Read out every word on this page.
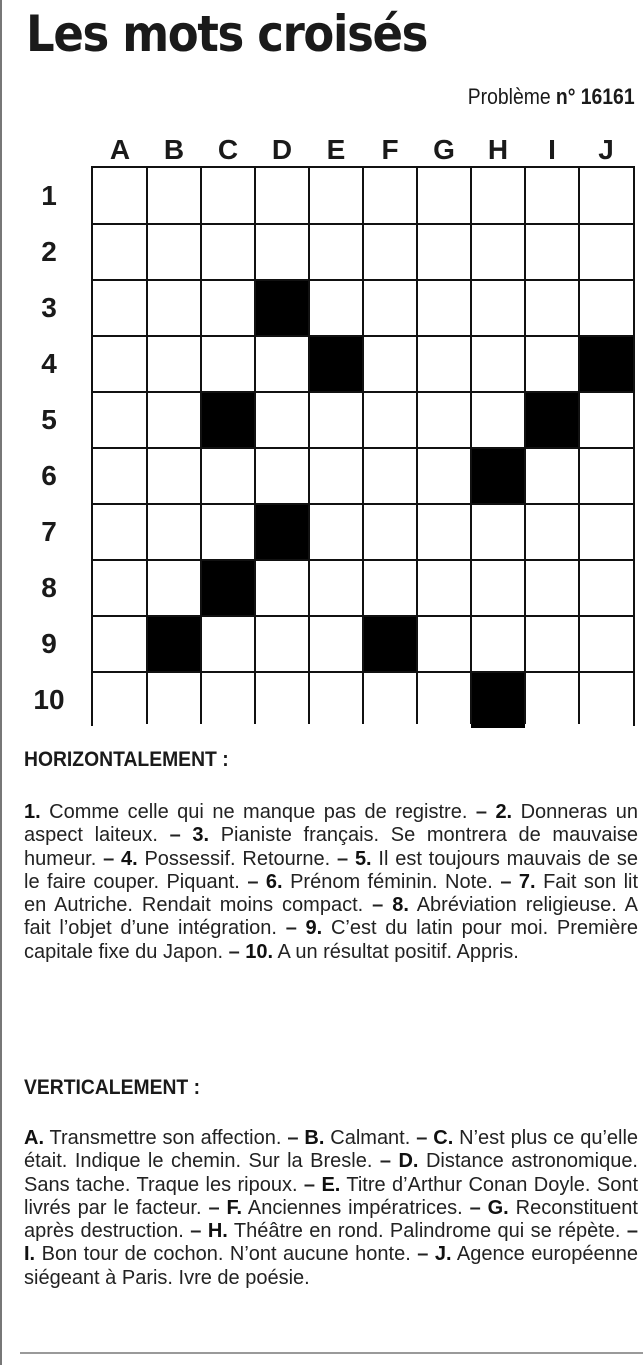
Les mots croisés
Problème n° 16161
HORIZONTALEMENT :
1. Comme celle qui ne manque pas de registre. – 2. Donneras un aspect laiteux. – 3. Pianiste français. Se montrera de mauvaise humeur. – 4. Possessif. Retourne. – 5. Il est toujours mauvais de se le faire couper. Piquant. – 6. Prénom féminin. Note. – 7. Fait son lit en Autriche. Rendait moins compact. – 8. Abréviation religieuse. A fait l’objet d’une intégration. – 9. C’est du latin pour moi. Première capitale fixe du Japon. – 10. A un résultat positif. Appris.
VERTICALEMENT :
A. Transmettre son affection. – B. Calmant. – C. N’est plus ce qu’elle était. Indique le chemin. Sur la Bresle. – D. Distance astronomique. Sans tache. Traque les ripoux. – E. Titre d’Arthur Conan Doyle. Sont livrés par le facteur. – F. Anciennes impératrices. – G. Reconstituent après destruction. – H. Théâtre en rond. Palindrome qui se répète. – I. Bon tour de cochon. N’ont aucune honte. – J. Agence européenne siégeant à Paris. Ivre de poésie.
A	B	C	D	E	F	G	H	I	J
1
2
3
4
5
6
7
8
9
10
